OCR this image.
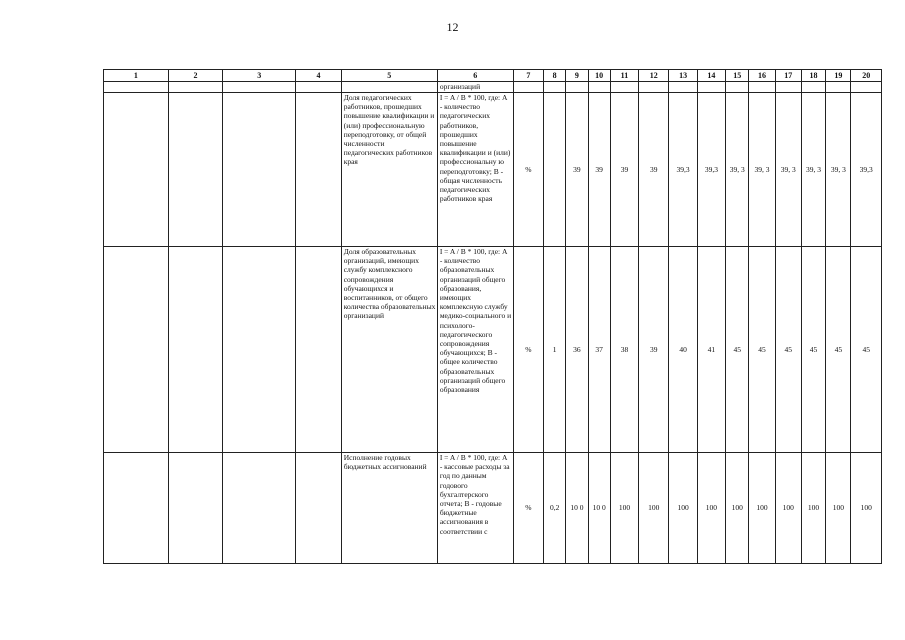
12
1	2	3	4	5	6	7	8	9	10	11	12	13	14	15	16	17	18	19	20
					организаций														
				Доля педагогических работников, прошедших повышение квалификации и (или) профессиональную переподготовку, от общей численности педагогических работников края	I = A / B * 100, где: А - количество педагогических работников, прошедших повышение квалификации и (или) профессиональну ю переподготовку; В - общая численность педагогических работников края	%		39	39	39	39	39,3	39,3	39, 3	39, 3	39, 3	39, 3	39, 3	39,3
				Доля образовательных организаций, имеющих службу комплексного сопровождения обучающихся и воспитанников, от общего количества образовательных организаций	I = A / B * 100, где: А - количество образовательных организаций общего образования, имеющих комплексную службу медико-социального и психолого-педагогического сопровождения обучающихся; В - общее количество образовательных организаций общего образования	%	1	36	37	38	39	40	41	45	45	45	45	45	45
				Исполнение годовых бюджетных ассигнований	I = A / B * 100, где: А - кассовые расходы за год по данным годового бухгалтерского отчета; В - годовые бюджетные ассигнования в соответствии с	%	0,2	10 0	10 0	100	100	100	100	100	100	100	100	100	100
